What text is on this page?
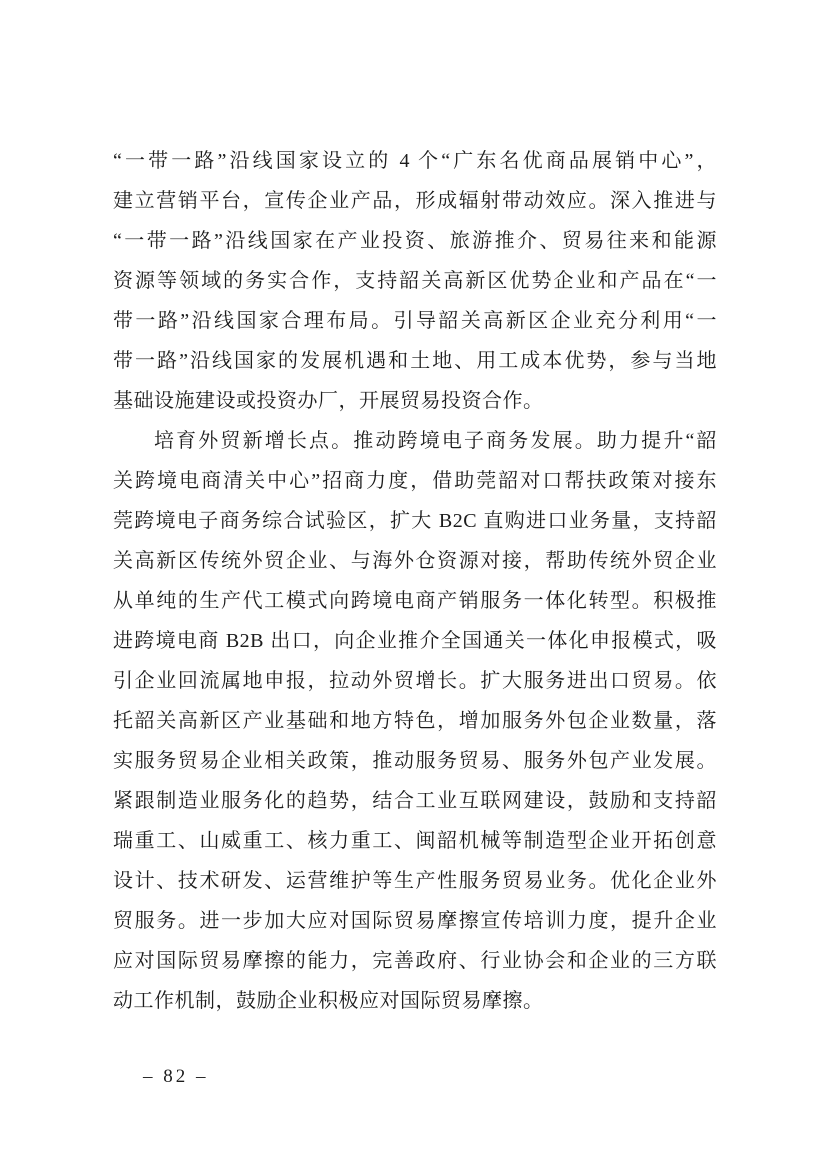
“一带一路”沿线国家设立的 4 个“广东名优商品展销中心”，
建立营销平台，宣传企业产品，形成辐射带动效应。深入推进与
“一带一路”沿线国家在产业投资、旅游推介、贸易往来和能源
资源等领域的务实合作，支持韶关高新区优势企业和产品在“一
带一路”沿线国家合理布局。引导韶关高新区企业充分利用“一
带一路”沿线国家的发展机遇和土地、用工成本优势，参与当地
基础设施建设或投资办厂，开展贸易投资合作。
培育外贸新增长点。推动跨境电子商务发展。助力提升“韶
关跨境电商清关中心”招商力度，借助莞韶对口帮扶政策对接东
莞跨境电子商务综合试验区，扩大 B2C 直购进口业务量，支持韶
关高新区传统外贸企业、与海外仓资源对接，帮助传统外贸企业
从单纯的生产代工模式向跨境电商产销服务一体化转型。积极推
进跨境电商 B2B 出口，向企业推介全国通关一体化申报模式，吸
引企业回流属地申报，拉动外贸增长。扩大服务进出口贸易。依
托韶关高新区产业基础和地方特色，增加服务外包企业数量，落
实服务贸易企业相关政策，推动服务贸易、服务外包产业发展。
紧跟制造业服务化的趋势，结合工业互联网建设，鼓励和支持韶
瑞重工、山威重工、核力重工、闽韶机械等制造型企业开拓创意
设计、技术研发、运营维护等生产性服务贸易业务。优化企业外
贸服务。进一步加大应对国际贸易摩擦宣传培训力度，提升企业
应对国际贸易摩擦的能力，完善政府、行业协会和企业的三方联
动工作机制，鼓励企业积极应对国际贸易摩擦。
– 82 –
